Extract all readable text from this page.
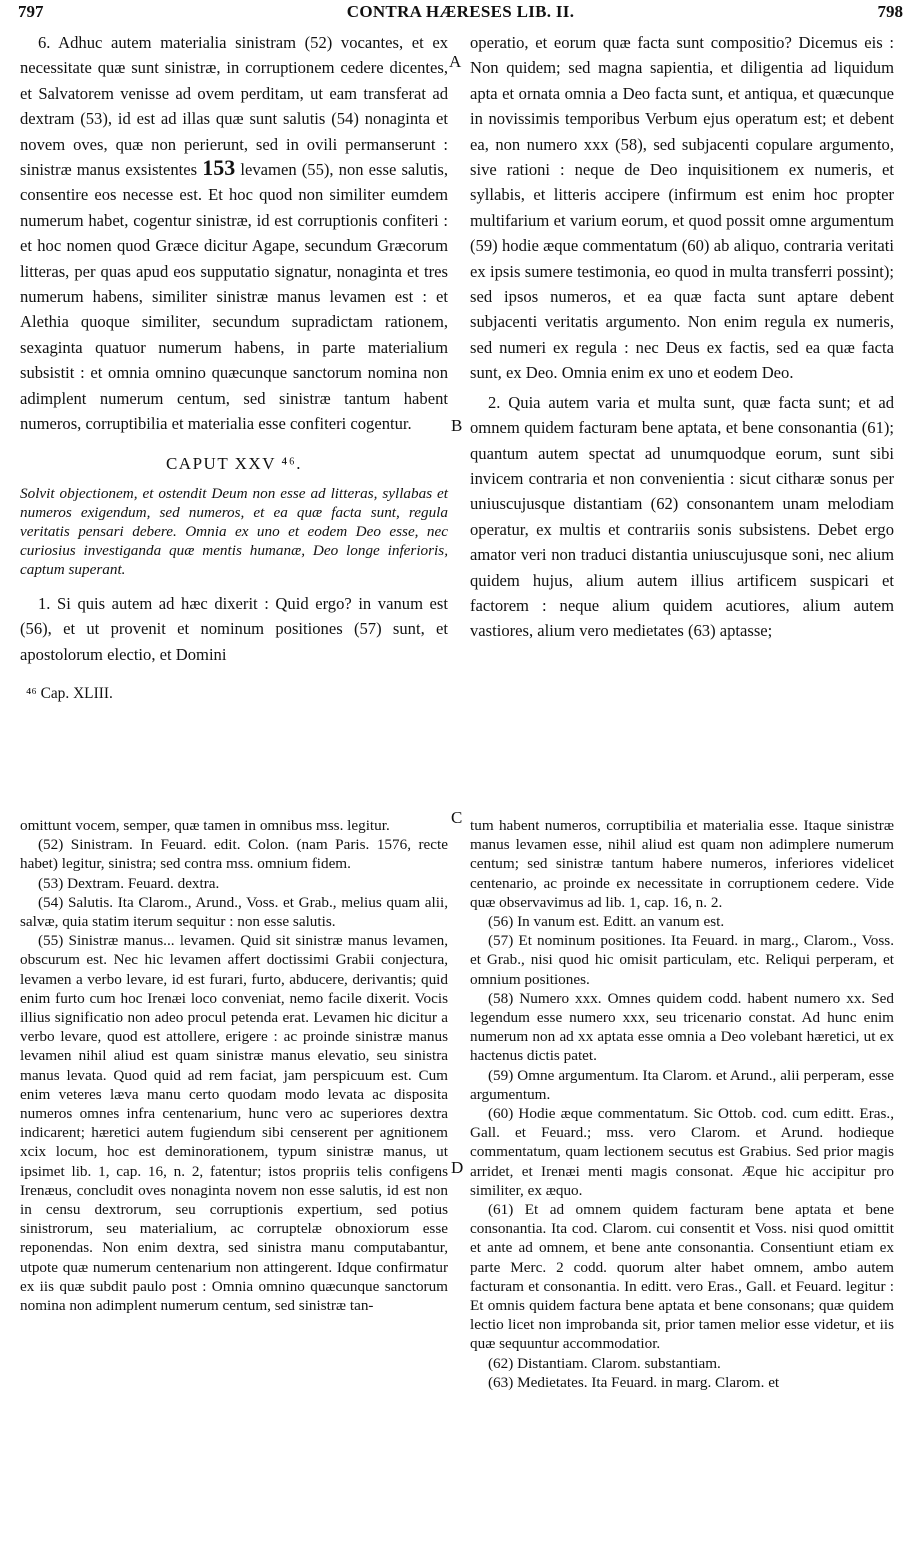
797	CONTRA HÆRESES LIB. II.	798

6. Adhuc autem materialia sinistram (52) vocantes, et ex necessitate quæ sunt sinistræ, in corruptionem cedere dicentes, et Salvatorem venisse ad ovem perditam, ut eam transferat ad dextram (53), id est ad illas quæ sunt salutis (54) nonaginta et novem oves, quæ non perierunt, sed in ovili permanserunt : sinistræ manus exsistentes 153 levamen (55), non esse salutis, consentire eos necesse est. Et hoc quod non similiter eumdem numerum habet, cogentur sinistræ, id est corruptionis confiteri : et hoc nomen quod Græce dicitur Agape, secundum Græcorum litteras, per quas apud eos supputatio signatur, nonaginta et tres numerum habens, similiter sinistræ manus levamen est : et Alethia quoque similiter, secundum supradictam rationem, sexaginta quatuor numerum habens, in parte materialium subsistit : et omnia omnino quæcunque sanctorum nomina non adimplent numerum centum, sed sinistræ tantum habent numeros, corruptibilia et materialia esse confiteri cogentur.

CAPUT XXV ⁴⁶.

Solvit objectionem, et ostendit Deum non esse ad litteras, syllabas et numeros exigendum, sed numeros, et ea quæ facta sunt, regula veritatis pensari debere. Omnia ex uno et eodem Deo esse, nec curiosius investiganda quæ mentis humanæ, Deo longe inferioris, captum superant.

1. Si quis autem ad hæc dixerit : Quid ergo? in vanum est (56), et ut provenit et nominum positiones (57) sunt, et apostolorum electio, et Domini

⁴⁶ Cap. XLIII.

operatio, et eorum quæ facta sunt compositio? Dicemus eis : Non quidem; sed magna sapientia, et diligentia ad liquidum apta et ornata omnia a Deo facta sunt, et antiqua, et quæcunque in novissimis temporibus Verbum ejus operatum est; et debent ea, non numero xxx (58), sed subjacenti copulare argumento, sive rationi : neque de Deo inquisitionem ex numeris, et syllabis, et litteris accipere (infirmum est enim hoc propter multifarium et varium eorum, et quod possit omne argumentum (59) hodie æque commentatum (60) ab aliquo, contraria veritati ex ipsis sumere testimonia, eo quod in multa transferri possint); sed ipsos numeros, et ea quæ facta sunt aptare debent subjacenti veritatis argumento. Non enim regula ex numeris, sed numeri ex regula : nec Deus ex factis, sed ea quæ facta sunt, ex Deo. Omnia enim ex uno et eodem Deo.

2. Quia autem varia et multa sunt, quæ facta sunt; et ad omnem quidem facturam bene aptata, et bene consonantia (61); quantum autem spectat ad unumquodque eorum, sunt sibi invicem contraria et non convenientia : sicut citharæ sonus per uniuscujusque distantiam (62) consonantem unam melodiam operatur, ex multis et contrariis sonis subsistens. Debet ergo amator veri non traduci distantia uniuscujusque soni, nec alium quidem hujus, alium autem illius artificem suspicari et factorem : neque alium quidem acutiores, alium autem vastiores, alium vero medietates (63) aptasse;

A
B
C
D

omittunt vocem, semper, quæ tamen in omnibus mss. legitur.

(52) Sinistram. In Feuard. edit. Colon. (nam Paris. 1576, recte habet) legitur, sinistra; sed contra mss. omnium fidem.

(53) Dextram. Feuard. dextra.

(54) Salutis. Ita Clarom., Arund., Voss. et Grab., melius quam alii, salvæ, quia statim iterum sequitur : non esse salutis.

(55) Sinistræ manus... levamen. Quid sit sinistræ manus levamen, obscurum est. Nec hic levamen affert doctissimi Grabii conjectura, levamen a verbo levare, id est furari, furto, abducere, derivantis; quid enim furto cum hoc Irenæi loco conveniat, nemo facile dixerit. Vocis illius significatio non adeo procul petenda erat. Levamen hic dicitur a verbo levare, quod est attollere, erigere : ac proinde sinistræ manus levamen nihil aliud est quam sinistræ manus elevatio, seu sinistra manus levata. Quod quid ad rem faciat, jam perspicuum est. Cum enim veteres læva manu certo quodam modo levata ac disposita numeros omnes infra centenarium, hunc vero ac superiores dextra indicarent; hæretici autem fugiendum sibi censerent per agnitionem xcix locum, hoc est deminorationem, typum sinistræ manus, ut ipsimet lib. 1, cap. 16, n. 2, fatentur; istos propriis telis configens Irenæus, concludit oves nonaginta novem non esse salutis, id est non in censu dextrorum, seu corruptionis expertium, sed potius sinistrorum, seu materialium, ac corruptelæ obnoxiorum esse reponendas. Non enim dextra, sed sinistra manu computabantur, utpote quæ numerum centenarium non attingerent. Idque confirmatur ex iis quæ subdit paulo post : Omnia omnino quæcunque sanctorum nomina non adimplent numerum centum, sed sinistræ tan-

tum habent numeros, corruptibilia et materialia esse. Itaque sinistræ manus levamen esse, nihil aliud est quam non adimplere numerum centum; sed sinistræ tantum habere numeros, inferiores videlicet centenario, ac proinde ex necessitate in corruptionem cedere. Vide quæ observavimus ad lib. 1, cap. 16, n. 2.

(56) In vanum est. Editt. an vanum est.

(57) Et nominum positiones. Ita Feuard. in marg., Clarom., Voss. et Grab., nisi quod hic omisit particulam, etc. Reliqui perperam, et omnium positiones.

(58) Numero xxx. Omnes quidem codd. habent numero xx. Sed legendum esse numero xxx, seu tricenario constat. Ad hunc enim numerum non ad xx aptata esse omnia a Deo volebant hæretici, ut ex hactenus dictis patet.

(59) Omne argumentum. Ita Clarom. et Arund., alii perperam, esse argumentum.

(60) Hodie æque commentatum. Sic Ottob. cod. cum editt. Eras., Gall. et Feuard.; mss. vero Clarom. et Arund. hodieque commentatum, quam lectionem secutus est Grabius. Sed prior magis arridet, et Irenæi menti magis consonat. Æque hic accipitur pro similiter, ex æquo.

(61) Et ad omnem quidem facturam bene aptata et bene consonantia. Ita cod. Clarom. cui consentit et Voss. nisi quod omittit et ante ad omnem, et bene ante consonantia. Consentiunt etiam ex parte Merc. 2 codd. quorum alter habet omnem, ambo autem facturam et consonantia. In editt. vero Eras., Gall. et Feuard. legitur : Et omnis quidem factura bene aptata et bene consonans; quæ quidem lectio licet non improbanda sit, prior tamen melior esse videtur, et iis quæ sequuntur accommodatior.

(62) Distantiam. Clarom. substantiam.

(63) Medietates. Ita Feuard. in marg. Clarom. et
